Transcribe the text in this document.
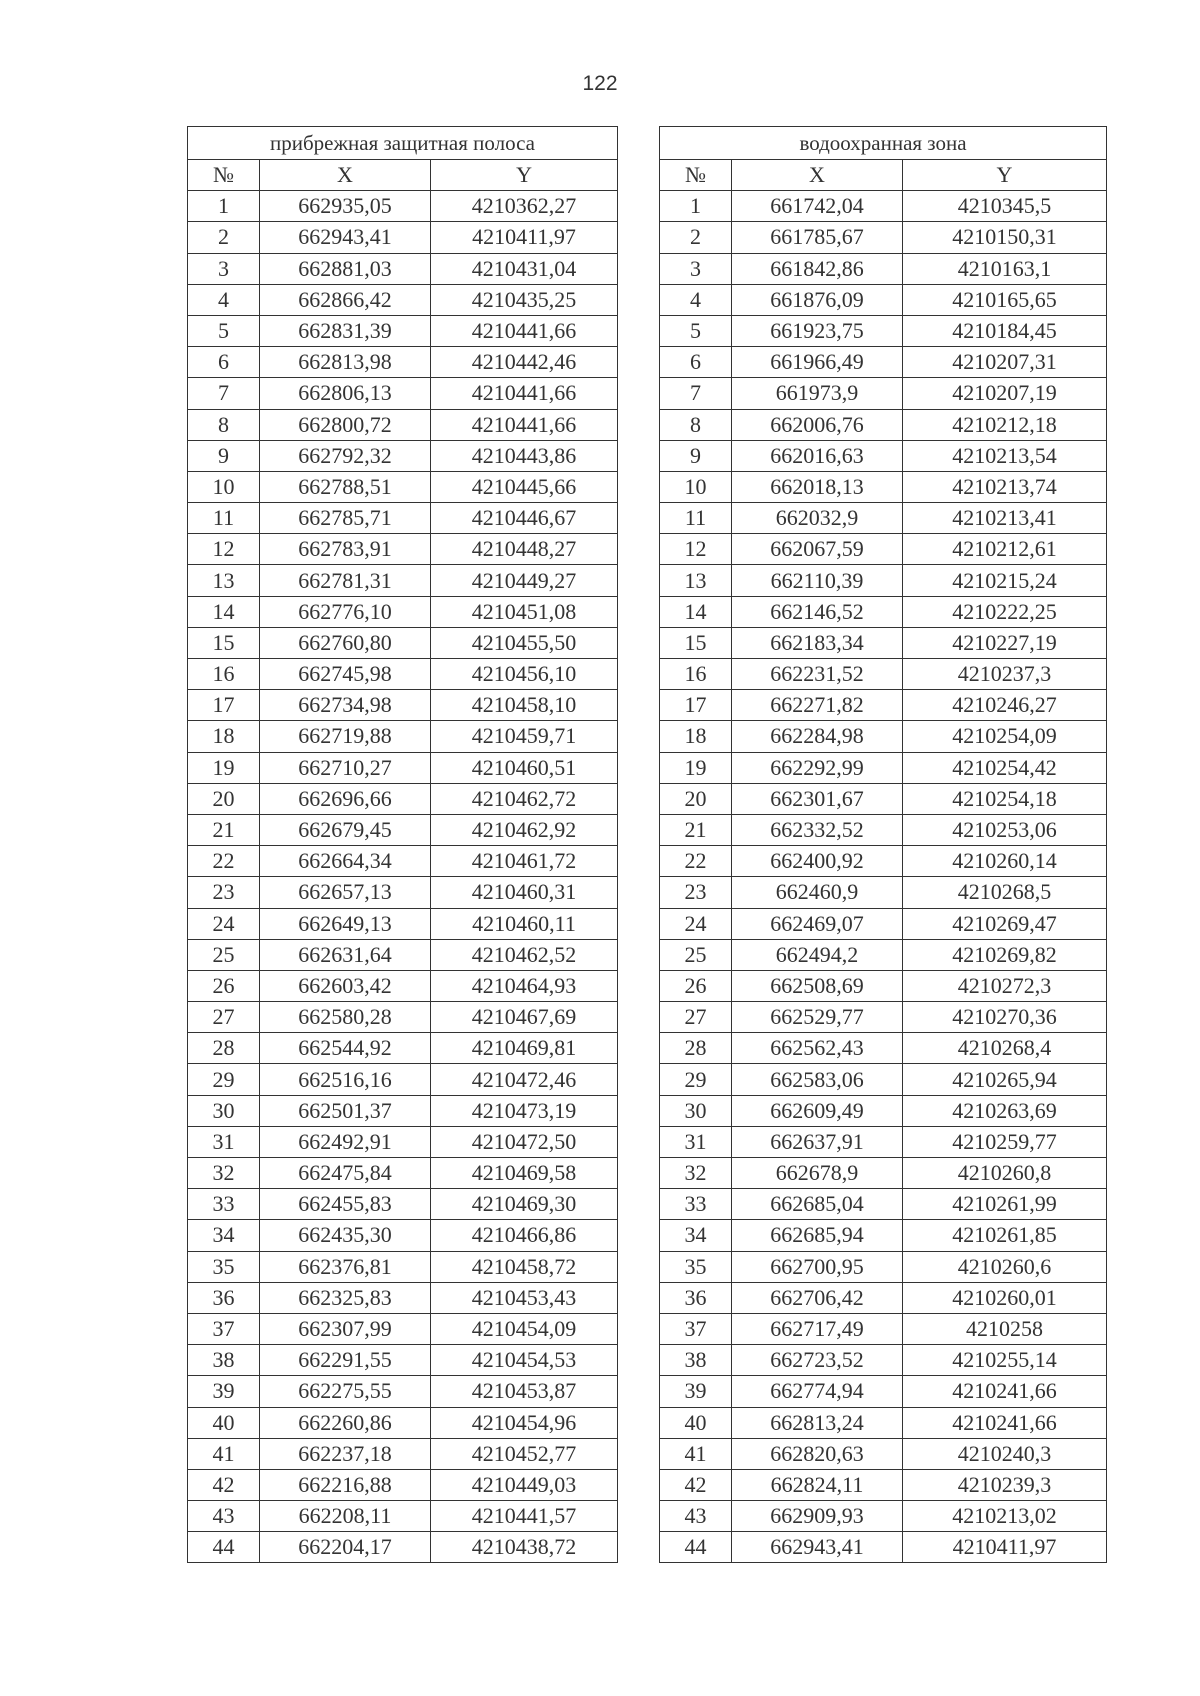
122
прибрежная защитная полоса		
№	X	Y
1	662935,05	4210362,27
2	662943,41	4210411,97
3	662881,03	4210431,04
4	662866,42	4210435,25
5	662831,39	4210441,66
6	662813,98	4210442,46
7	662806,13	4210441,66
8	662800,72	4210441,66
9	662792,32	4210443,86
10	662788,51	4210445,66
11	662785,71	4210446,67
12	662783,91	4210448,27
13	662781,31	4210449,27
14	662776,10	4210451,08
15	662760,80	4210455,50
16	662745,98	4210456,10
17	662734,98	4210458,10
18	662719,88	4210459,71
19	662710,27	4210460,51
20	662696,66	4210462,72
21	662679,45	4210462,92
22	662664,34	4210461,72
23	662657,13	4210460,31
24	662649,13	4210460,11
25	662631,64	4210462,52
26	662603,42	4210464,93
27	662580,28	4210467,69
28	662544,92	4210469,81
29	662516,16	4210472,46
30	662501,37	4210473,19
31	662492,91	4210472,50
32	662475,84	4210469,58
33	662455,83	4210469,30
34	662435,30	4210466,86
35	662376,81	4210458,72
36	662325,83	4210453,43
37	662307,99	4210454,09
38	662291,55	4210454,53
39	662275,55	4210453,87
40	662260,86	4210454,96
41	662237,18	4210452,77
42	662216,88	4210449,03
43	662208,11	4210441,57
44	662204,17	4210438,72
водоохранная зона		
№	X	Y
1	661742,04	4210345,5
2	661785,67	4210150,31
3	661842,86	4210163,1
4	661876,09	4210165,65
5	661923,75	4210184,45
6	661966,49	4210207,31
7	661973,9	4210207,19
8	662006,76	4210212,18
9	662016,63	4210213,54
10	662018,13	4210213,74
11	662032,9	4210213,41
12	662067,59	4210212,61
13	662110,39	4210215,24
14	662146,52	4210222,25
15	662183,34	4210227,19
16	662231,52	4210237,3
17	662271,82	4210246,27
18	662284,98	4210254,09
19	662292,99	4210254,42
20	662301,67	4210254,18
21	662332,52	4210253,06
22	662400,92	4210260,14
23	662460,9	4210268,5
24	662469,07	4210269,47
25	662494,2	4210269,82
26	662508,69	4210272,3
27	662529,77	4210270,36
28	662562,43	4210268,4
29	662583,06	4210265,94
30	662609,49	4210263,69
31	662637,91	4210259,77
32	662678,9	4210260,8
33	662685,04	4210261,99
34	662685,94	4210261,85
35	662700,95	4210260,6
36	662706,42	4210260,01
37	662717,49	4210258
38	662723,52	4210255,14
39	662774,94	4210241,66
40	662813,24	4210241,66
41	662820,63	4210240,3
42	662824,11	4210239,3
43	662909,93	4210213,02
44	662943,41	4210411,97
